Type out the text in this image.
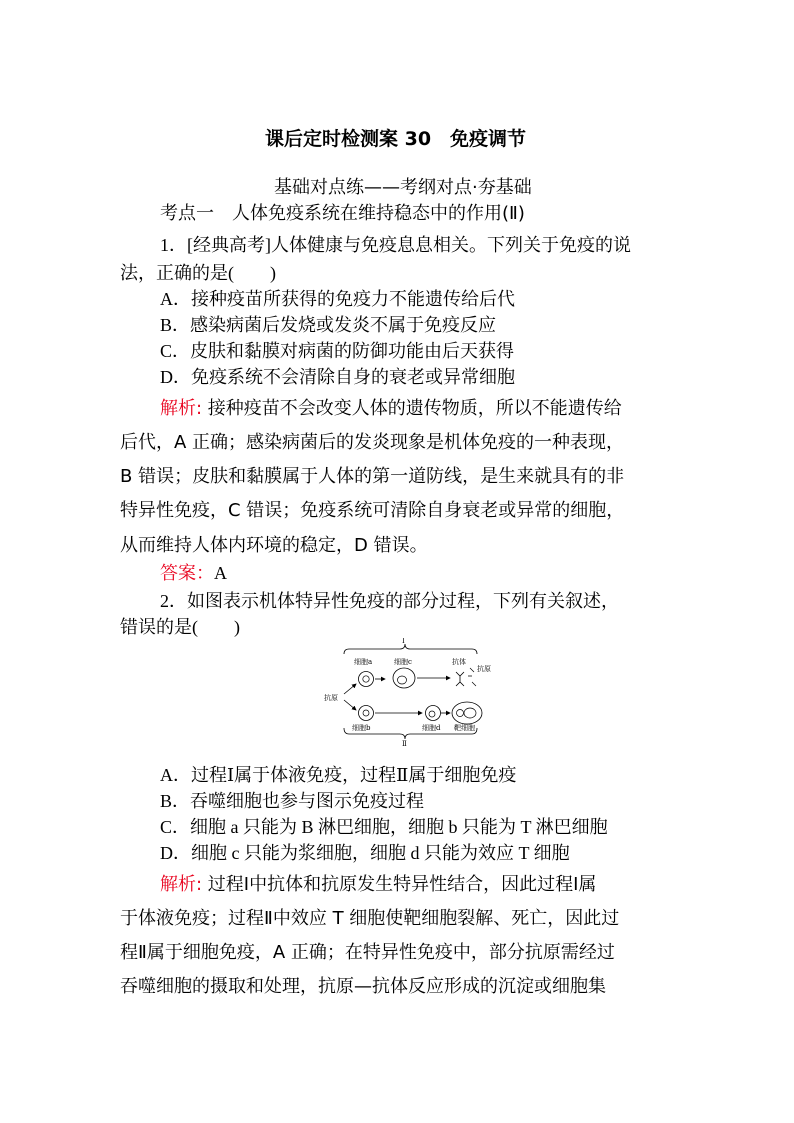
课后定时检测案 30　免疫调节
基础对点练——考纲对点·夯基础
考点一　人体免疫系统在维持稳态中的作用(Ⅱ)
1．[经典高考]人体健康与免疫息息相关。下列关于免疫的说
法，正确的是(　　)
A．接种疫苗所获得的免疫力不能遗传给后代
B．感染病菌后发烧或发炎不属于免疫反应
C．皮肤和黏膜对病菌的防御功能由后天获得
D．免疫系统不会清除自身的衰老或异常细胞
解析: 接种疫苗不会改变人体的遗传物质，所以不能遗传给
后代，A 正确；感染病菌后的发炎现象是机体免疫的一种表现，
B 错误；皮肤和黏膜属于人体的第一道防线，是生来就具有的非
特异性免疫，C 错误；免疫系统可清除自身衰老或异常的细胞，
从而维持人体内环境的稳定，D 错误。
答案：A
2．如图表示机体特异性免疫的部分过程，下列有关叙述，
错误的是(　　)
Ⅰ
细胞a	细胞c	抗体
抗原
抗原
细胞b	细胞d 靶细胞
Ⅱ
A．过程Ⅰ属于体液免疫，过程Ⅱ属于细胞免疫
B．吞噬细胞也参与图示免疫过程
C．细胞 a 只能为 B 淋巴细胞，细胞 b 只能为 T 淋巴细胞
D．细胞 c 只能为浆细胞，细胞 d 只能为效应 T 细胞
解析: 过程Ⅰ中抗体和抗原发生特异性结合，因此过程Ⅰ属
于体液免疫；过程Ⅱ中效应 T 细胞使靶细胞裂解、死亡，因此过
程Ⅱ属于细胞免疫，A 正确；在特异性免疫中，部分抗原需经过
吞噬细胞的摄取和处理，抗原—抗体反应形成的沉淀或细胞集
